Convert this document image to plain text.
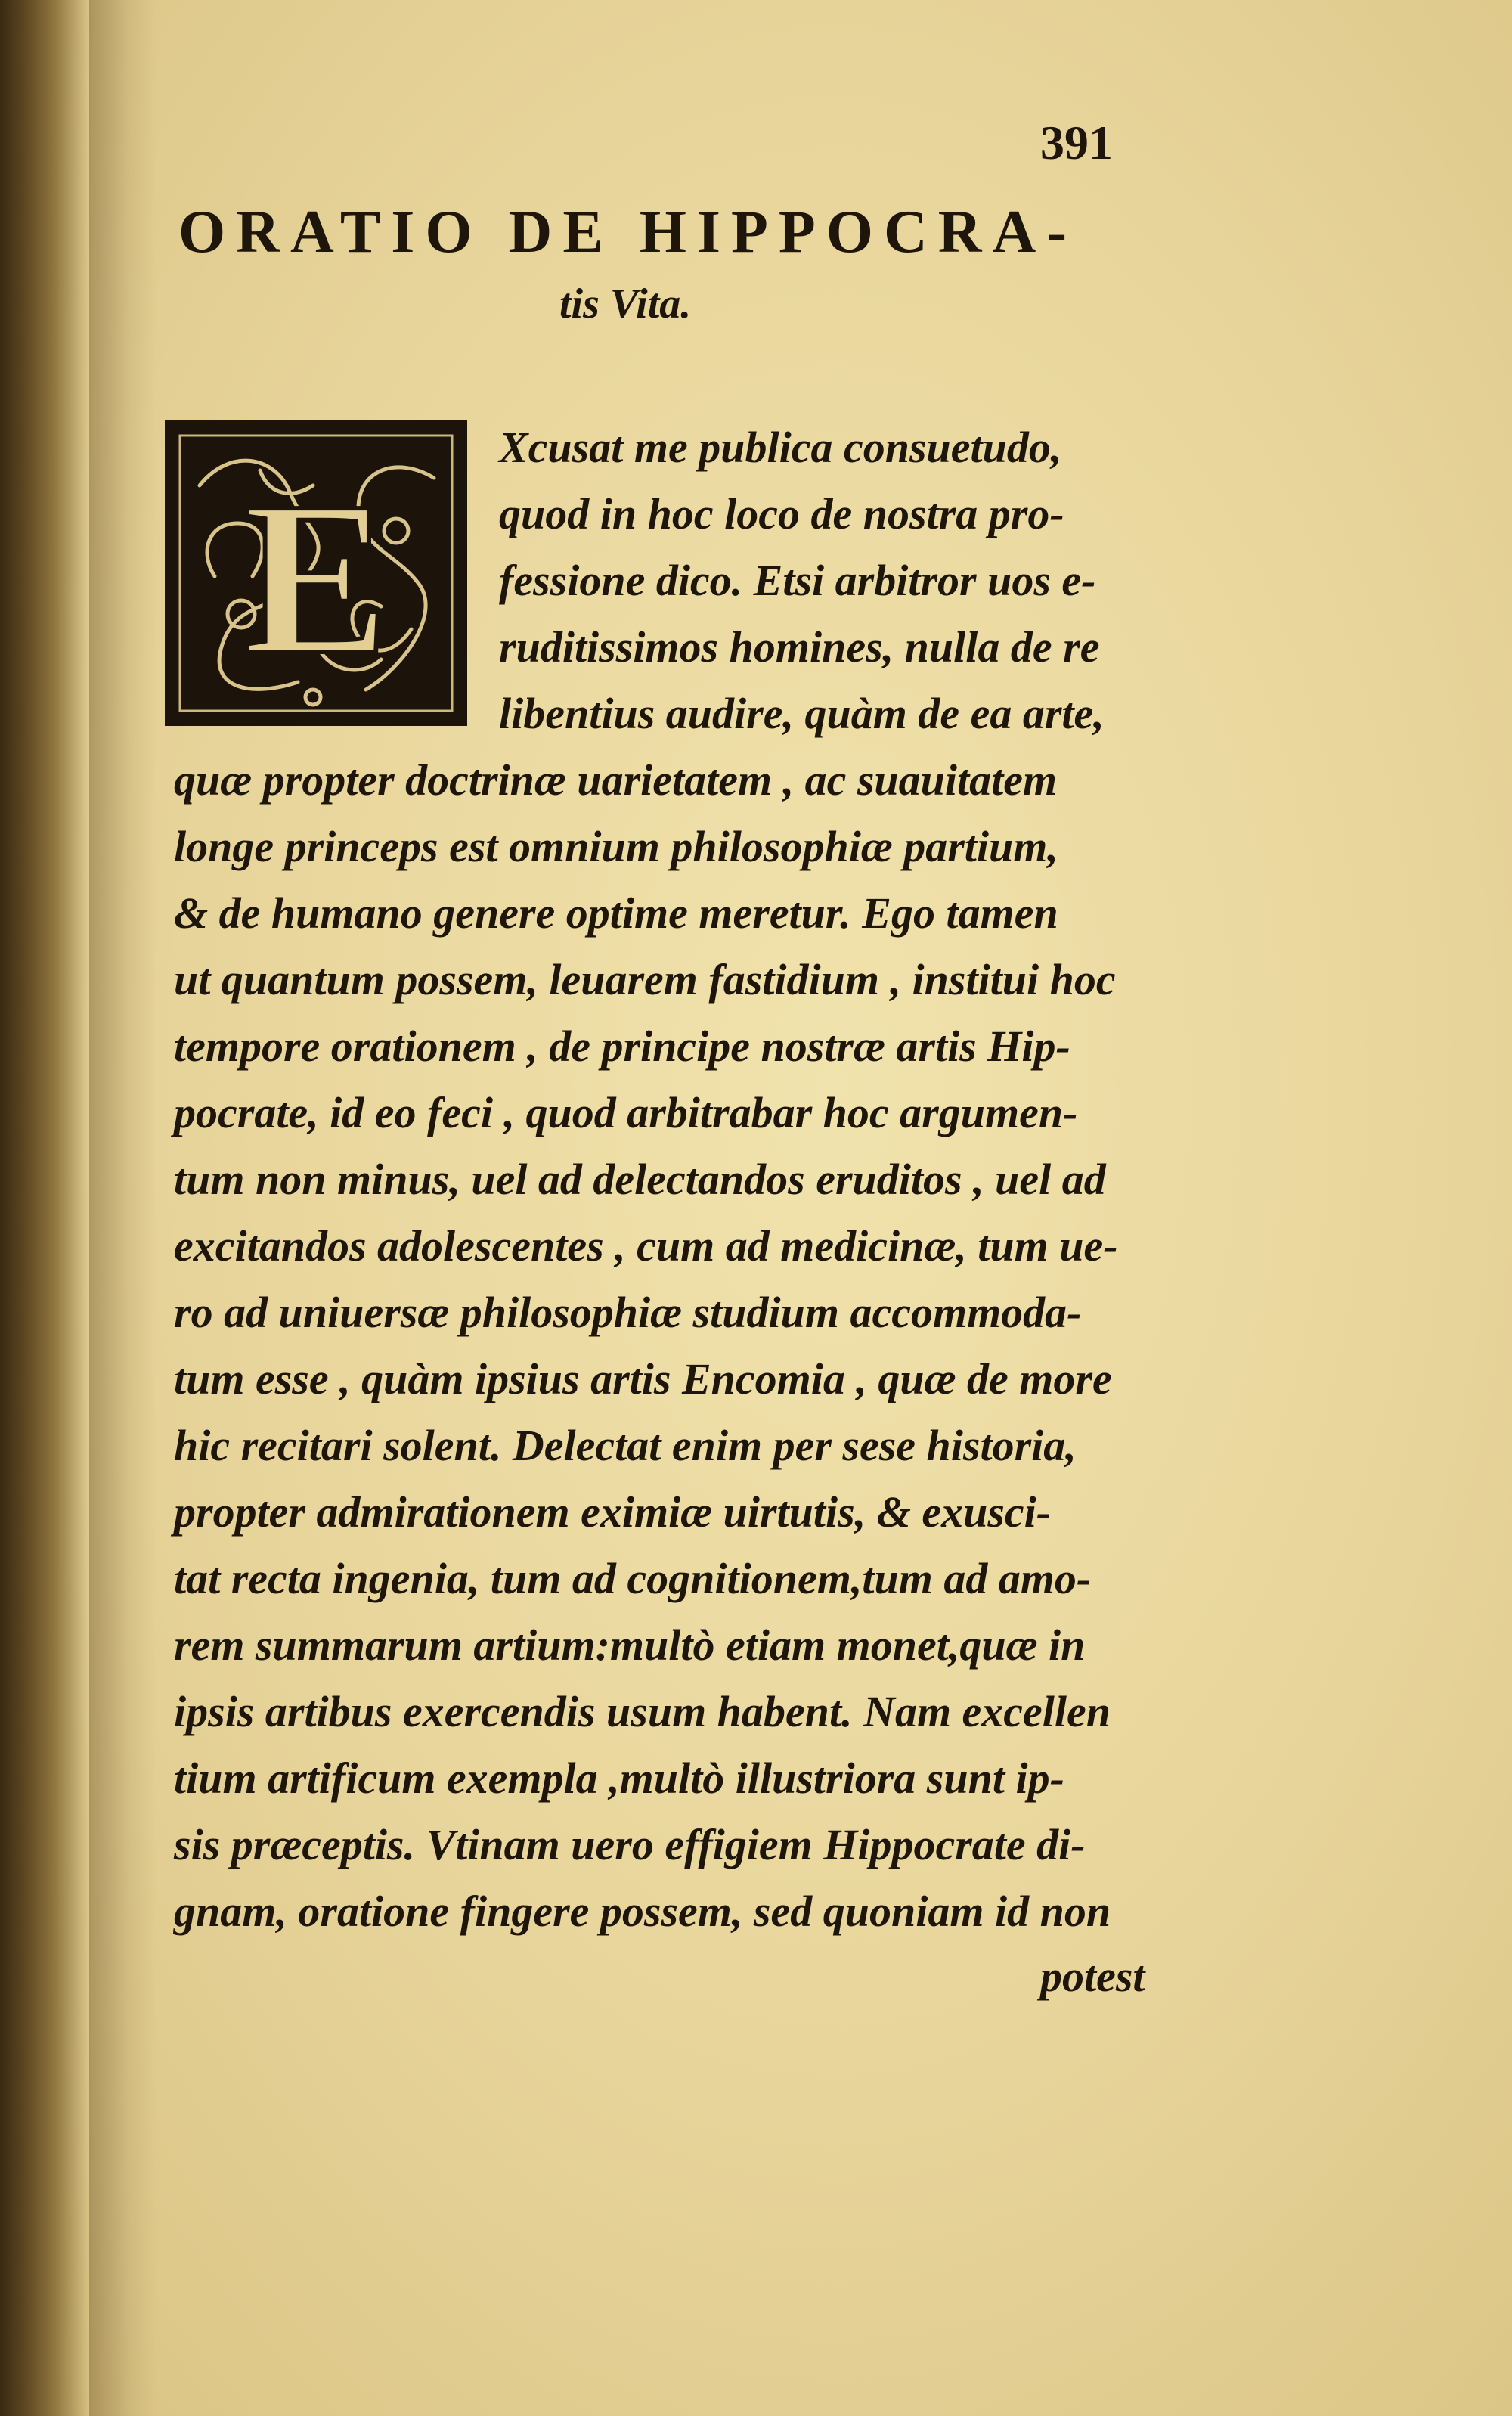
391
ORATIO DE HIPPOCRA-
tis Vita.
E
Xcusat me publica consuetudo,
quod in hoc loco de nostra pro-
fessione dico. Etsi arbitror uos e-
ruditissimos homines, nulla de re
libentius audire, quàm de ea arte,
quæ propter doctrinæ uarietatem , ac suauitatem
longe princeps est omnium philosophiæ partium,
& de humano genere optime meretur. Ego tamen
ut quantum possem, leuarem fastidium , institui hoc
tempore orationem , de principe nostræ artis Hip-
pocrate, id eo feci , quod arbitrabar hoc argumen-
tum non minus, uel ad delectandos eruditos , uel ad
excitandos adolescentes , cum ad medicinæ, tum ue-
ro ad uniuersæ philosophiæ studium accommoda-
tum esse , quàm ipsius artis Encomia , quæ de more
hic recitari solent. Delectat enim per sese historia,
propter admirationem eximiæ uirtutis, & exusci-
tat recta ingenia, tum ad cognitionem,tum ad amo-
rem summarum artium:multò etiam monet,quæ in
ipsis artibus exercendis usum habent. Nam excellen
tium artificum exempla ,multò illustriora sunt ip-
sis præceptis. Vtinam uero effigiem Hippocrate di-
gnam, oratione fingere possem, sed quoniam id non
potest
